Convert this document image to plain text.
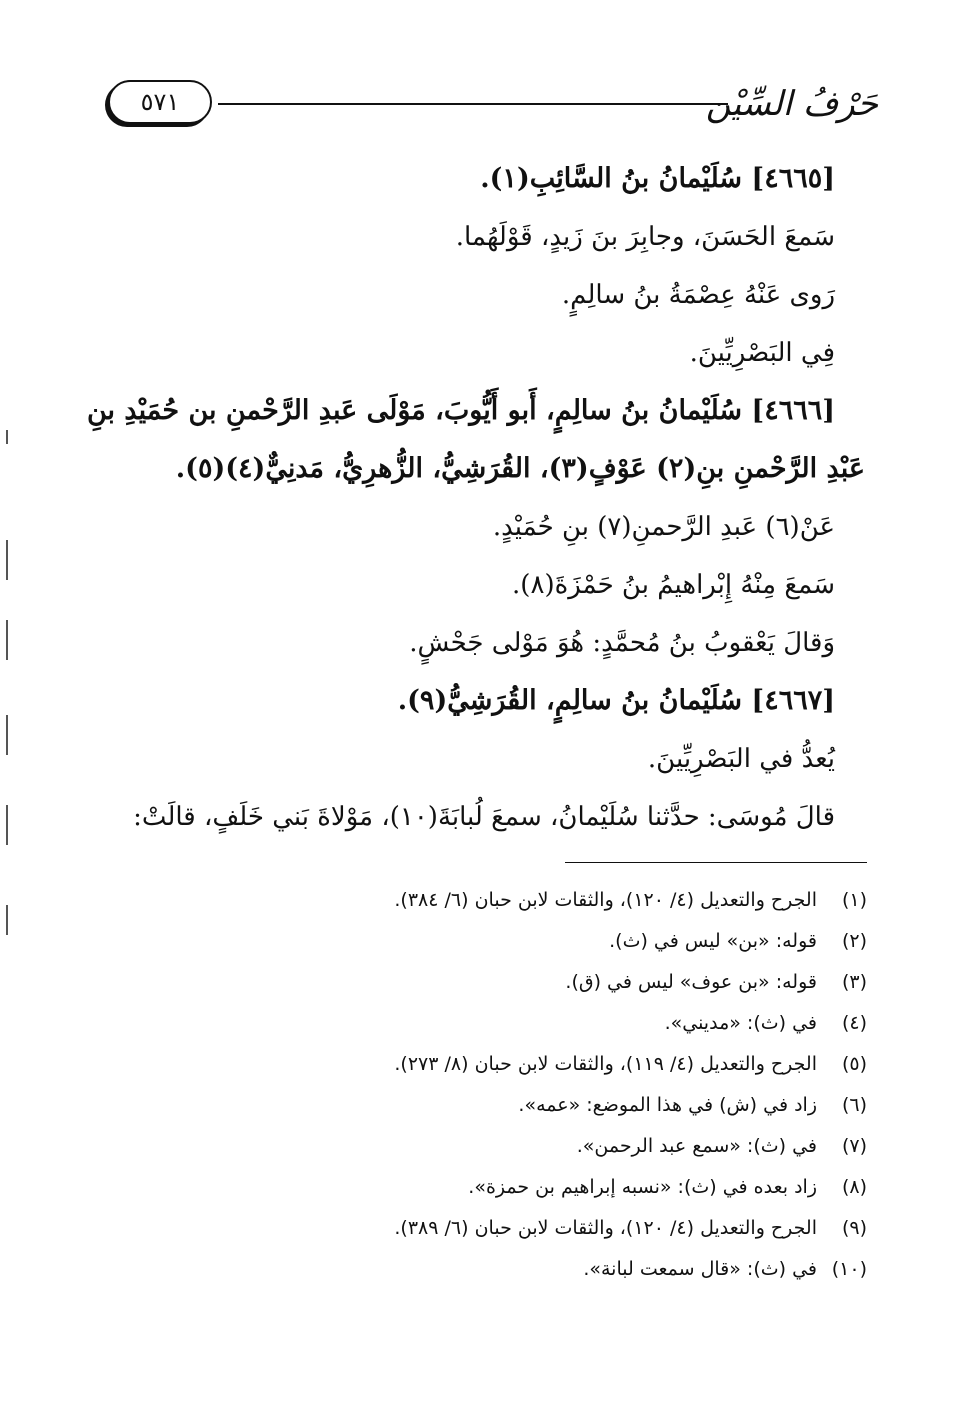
حَرْفُ السِّيْن
٥٧١
[٤٦٦٥] سُلَيْمانُ بنُ السَّائِبِ(١).
سَمعَ الحَسَنَ، وجابِرَ بنَ زَيدٍ، قَوْلَهُما.
رَوى عَنْهُ عِصْمَةُ بنُ سالِمٍ.
فِي البَصْرِيِّينَ.
[٤٦٦٦] سُلَيْمانُ بنُ سالِمٍ، أَبو أَيُّوبَ، مَوْلَى عَبدِ الرَّحْمنِ بن حُمَيْدِ بنِ
عَبْدِ الرَّحْمنِ بنِ(٢) عَوْفٍ(٣)، القُرَشِيُّ، الزُّهرِيُّ، مَدنِيٌّ(٤)(٥).
عَنْ(٦) عَبدِ الرَّحمنِ(٧) بنِ حُمَيْدٍ.
سَمعَ مِنْهُ إِبْراهيمُ بنُ حَمْزَةَ(٨).
وَقالَ يَعْقوبُ بنُ مُحمَّدٍ: هُوَ مَوْلى جَحْشٍ.
[٤٦٦٧] سُلَيْمانُ بنُ سالِمٍ، القُرَشِيُّ(٩).
يُعدُّ في البَصْرِيِّينَ.
قالَ مُوسَى: حدَّثنا سُلَيْمانُ، سمعَ لُبابَةَ(١٠)، مَوْلاةَ بَني خَلَفٍ، قالَتْ:
(١)الجرح والتعديل (٤/ ١٢٠)، والثقات لابن حبان (٦/ ٣٨٤).
(٢)قوله: «بن» ليس في (ث).
(٣)قوله: «بن عوف» ليس في (ق).
(٤)في (ث): «مديني».
(٥)الجرح والتعديل (٤/ ١١٩)، والثقات لابن حبان (٨/ ٢٧٣).
(٦)زاد في (ش) في هذا الموضع: «عمه».
(٧)في (ث): «سمع عبد الرحمن».
(٨)زاد بعده في (ث): «نسبه إبراهيم بن حمزة».
(٩)الجرح والتعديل (٤/ ١٢٠)، والثقات لابن حبان (٦/ ٣٨٩).
(١٠)في (ث): «قال سمعت لبانة».
